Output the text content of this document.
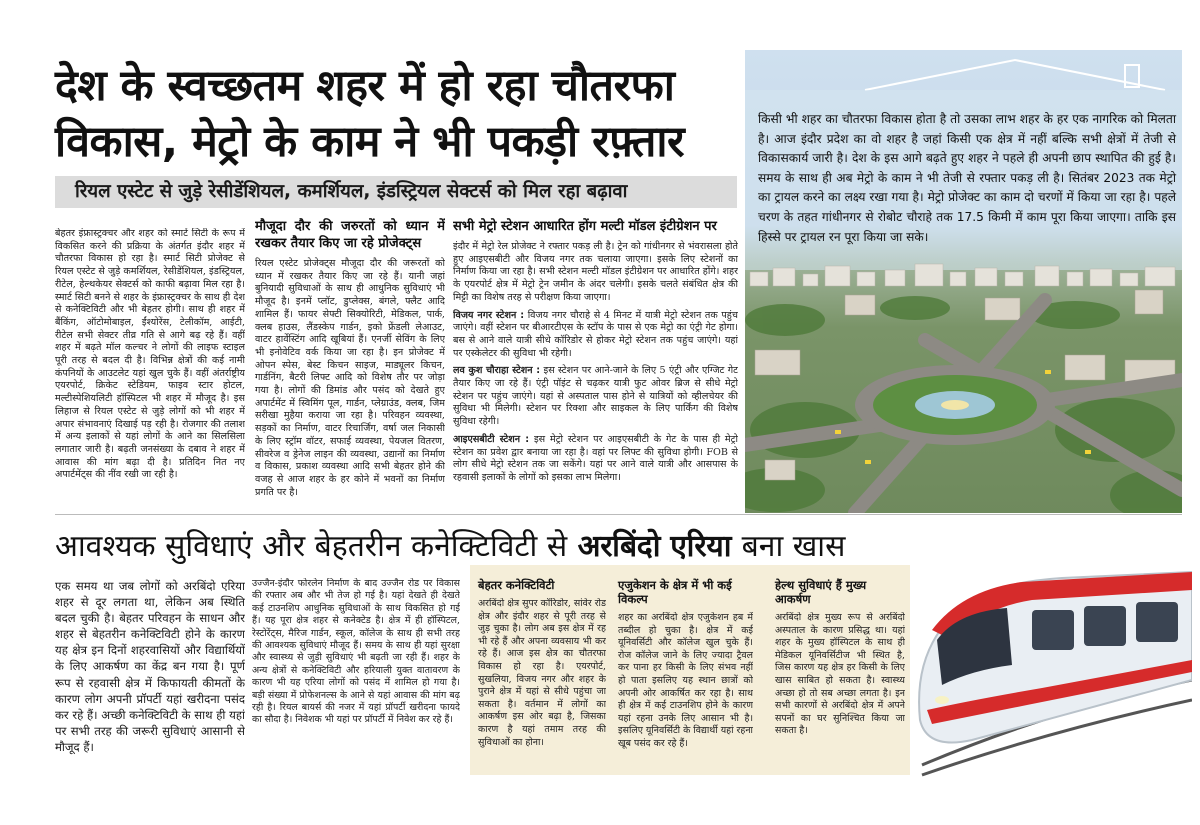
देश के स्वच्छतम शहर में हो रहा चौतरफा
विकास, मेट्रो के काम ने भी पकड़ी रफ़्तार
रियल एस्टेट से जुड़े रेसीडेंशियल, कमर्शियल, इंडस्ट्रियल सेक्टर्स को मिल रहा बढ़ावा

बेहतर इंफ्रास्ट्रक्चर और शहर को स्मार्ट सिटी के रूप में विकसित करने की प्रक्रिया के अंतर्गत इंदौर शहर में चौतरफा विकास हो रहा है। स्मार्ट सिटी प्रोजेक्ट से रियल एस्टेट से जुड़े कमर्शियल, रेसीडेंशियल, इंडस्ट्रियल, रीटेल, हेल्थकेयर सेक्टर्स को काफी बढ़ावा मिल रहा है। स्मार्ट सिटी बनने से शहर के इंफ्रास्ट्रक्चर के साथ ही देश से कनेक्टिविटी और भी बेहतर होगी। साथ ही शहर में बैंकिंग, ऑटोमोबाइल, ईंश्योरेंस, टेलीकॉम, आईटी, रीटेल सभी सेक्टर तीव्र गति से आगे बढ़ रहे हैं। वहीं शहर में बढ़ते मॉल कल्चर ने लोगों की लाइफ स्टाइल पूरी तरह से बदल दी है। विभिन्न क्षेत्रों की कई नामी कंपनियों के आउटलेट यहां खुल चुके हैं। वहीं अंतर्राष्ट्रीय एयरपोर्ट, क्रिकेट स्टेडियम, फाइव स्टार होटल, मल्टीस्पेशियलिटी हॉस्पिटल भी शहर में मौजूद है। इस लिहाज से रियल एस्टेट से जुड़े लोगों को भी शहर में अपार संभावनाएं दिखाई पड़ रही है। रोजगार की तलाश में अन्य इलाकों से यहां लोगों के आने का सिलसिला लगातार जारी है। बढ़ती जनसंख्या के दबाव ने शहर में आवास की मांग बढ़ा दी है। प्रतिदिन नित नए अपार्टमेंट्स की नींव रखी जा रही है।

मौजूदा दौर की जरुरतों को ध्यान में रखकर तैयार किए जा रहे प्रोजेक्ट्स

रियल एस्टेट प्रोजेक्ट्स मौजूदा दौर की जरूरतों को ध्यान में रखकर तैयार किए जा रहे हैं। यानी जहां बुनियादी सुविधाओं के साथ ही आधुनिक सुविधाएं भी मौजूद है। इनमें प्लॉट, डुप्लेक्स, बंगले, फ्लैट आदि शामिल हैं। फायर सेफ्टी सिक्योरिटी, मेडिकल, पार्क, क्लब हाउस, लैंडस्केप गार्डन, इको फ्रेंडली लेआउट, वाटर हार्वेस्टिंग आदि खूबियां हैं। एनर्जी सेविंग के लिए भी इनोवेटिव वर्क किया जा रहा है। इन प्रोजेक्ट में ओपन स्पेस, बेस्ट किचन साइज, माड्यूलर किचन, गार्डनिंग, बैटरी लिफ्ट आदि को विशेष तौर पर जोड़ा गया है। लोगों की डिमांड और पसंद को देखते हुए अपार्टमेंट में स्विमिंग पूल, गार्डन, प्लेग्राउंड, क्लब, जिम सरीखा मुहैया कराया जा रहा है। परिवहन व्यवस्था, सड़कों का निर्माण, वाटर रिचार्जिंग, वर्षा जल निकासी के लिए स्ट्रॉम वॉटर, सफाई व्यवस्था, पेयजल वितरण, सीवरेज व ड्रेनेज लाइन की व्यवस्था, उद्यानों का निर्माण व विकास, प्रकाश व्यवस्था आदि सभी बेहतर होने की वजह से आज शहर के हर कोने में भवनों का निर्माण प्रगति पर है।

सभी मेट्रो स्टेशन आधारित होंग मल्टी मॉडल इंटीग्रेशन पर

इंदौर में मेट्रो रेल प्रोजेक्ट ने रफ्तार पकड़ ली है। ट्रेन को गांधीनगर से भंवरासला होते हुए आइएसबीटी और विजय नगर तक चलाया जाएगा। इसके लिए स्टेशनों का निर्माण किया जा रहा है। सभी स्टेशन मल्टी मॉडल इंटीग्रेशन पर आधारित होंगे। शहर के एयरपोर्ट क्षेत्र में मेट्रो ट्रेन जमीन के अंदर चलेगी। इसके चलते संबंधित क्षेत्र की मिट्टी का विशेष तरह से परीक्षण किया जाएगा।

विजय नगर स्टेशन : विजय नगर चौराहे से 4 मिनट में यात्री मेट्रो स्टेशन तक पहुंच जाएंगे। वहीं स्टेशन पर बीआरटीएस के स्टॉप के पास से एक मेट्रो का एंट्री गेट होगा। बस से आने वाले यात्री सीधे कॉरिडोर से होकर मेट्रो स्टेशन तक पहुंच जाएंगे। यहां पर एस्केलेटर की सुविधा भी रहेगी।

लव कुश चौराहा स्टेशन : इस स्टेशन पर आने-जाने के लिए 5 एंट्री और एग्जिट गेट तैयार किए जा रहे हैं। एंट्री पॉइंट से चढ़कर यात्री फुट ओवर ब्रिज से सीधे मेट्रो स्टेशन पर पहुंच जाएंगे। यहां से अस्पताल पास होने से यात्रियों को व्हीलचेयर की सुविधा भी मिलेगी। स्टेशन पर रिक्शा और साइकल के लिए पार्किंग की विशेष सुविधा रहेगी।

आइएसबीटी स्टेशन : इस मेट्रो स्टेशन पर आइएसबीटी के गेट के पास ही मेट्रो स्टेशन का प्रवेश द्वार बनाया जा रहा है। वहां पर लिफ्ट की सुविधा होगी। FOB से लोग सीधे मेट्रो स्टेशन तक जा सकेंगे। यहां पर आने वाले यात्री और आसपास के रहवासी इलाकों के लोगों को इसका लाभ मिलेगा।

किसी भी शहर का चौतरफा विकास होता है तो उसका लाभ शहर के हर एक नागरिक को मिलता है। आज इंदौर प्रदेश का वो शहर है जहां किसी एक क्षेत्र में नहीं बल्कि सभी क्षेत्रों में तेजी से विकासकार्य जारी है। देश के इस आगे बढ़ते हुए शहर ने पहले ही अपनी छाप स्थापित की हुई है। समय के साथ ही अब मेट्रो के काम ने भी तेजी से रफ्तार पकड़ ली है। सितंबर 2023 तक मेट्रो का ट्रायल करने का लक्ष्य रखा गया है। मेट्रो प्रोजेक्ट का काम दो चरणों में किया जा रहा है। पहले चरण के तहत गांधीनगर से रोबोट चौराहे तक 17.5 किमी में काम पूरा किया जाएगा। ताकि इस हिस्से पर ट्रायल रन पूरा किया जा सके।
आवश्यक सुविधाएं और बेहतरीन कनेक्टिविटी से अरबिंदो एरिया बना खास
एक समय था जब लोगों को अरबिंदो एरिया शहर से दूर लगता था, लेकिन अब स्थिति बदल चुकी है। बेहतर परिवहन के साधन और शहर से बेहतरीन कनेक्टिविटी होने के कारण यह क्षेत्र इन दिनों शहरवासियों और विद्यार्थियों के लिए आकर्षण का केंद्र बन गया है। पूर्ण रूप से रहवासी क्षेत्र में किफायती कीमतों के कारण लोग अपनी प्रॉपर्टी यहां खरीदना पसंद कर रहे हैं। अच्छी कनेक्टिविटी के साथ ही यहां पर सभी तरह की जरूरी सुविधाएं आसानी से मौजूद हैं।

उज्जैन-इंदौर फोरलेन निर्माण के बाद उज्जैन रोड पर विकास की रफ्तार अब और भी तेज हो गई है। यहां देखते ही देखते कई टाउनशिप आधुनिक सुविधाओं के साथ विकसित हो गई हैं। यह पूरा क्षेत्र शहर से कनेक्टेड है। क्षेत्र में ही हॉस्पिटल, रेस्टोरेंट्स, मैरिज गार्डन, स्कूल, कॉलेज के साथ ही सभी तरह की आवश्यक सुविधाएं मौजूद हैं। समय के साथ ही यहां सुरक्षा और स्वास्थ्य से जुड़ी सुविधाएं भी बढ़ती जा रही हैं। शहर के अन्य क्षेत्रों से कनेक्टिविटी और हरियाली युक्त वातावरण के कारण भी यह एरिया लोगों को पसंद में शामिल हो गया है। बड़ी संख्या में प्रोफेशनल्स के आने से यहां आवास की मांग बढ़ रही है। रियल बायर्स की नजर में यहां प्रॉपर्टी खरीदना फायदे का सौदा है। निवेशक भी यहां पर प्रॉपर्टी में निवेश कर रहे हैं।

बेहतर कनेक्टिविटी
अरबिंदो क्षेत्र सुपर कॉरिडोर, सांवेर रोड क्षेत्र और इंदौर शहर से पूरी तरह से जुड़ चुका है। लोग अब इस क्षेत्र में रह भी रहे हैं और अपना व्यवसाय भी कर रहे हैं। आज इस क्षेत्र का चौतरफा विकास हो रहा है। एयरपोर्ट, सुखलिया, विजय नगर और शहर के पुराने क्षेत्र में यहां से सीधे पहुंचा जा सकता है। वर्तमान में लोगों का आकर्षण इस ओर बढ़ा है, जिसका कारण है यहां तमाम तरह की सुविधाओं का होना।
एजुकेशन के क्षेत्र में भी कई विकल्प
शहर का अरबिंदो क्षेत्र एजुकेशन हब में तब्दील हो चुका है। क्षेत्र में कई यूनिवर्सिटी और कॉलेज खुल चुके हैं। रोज कॉलेज जाने के लिए ज्यादा ट्रैवल कर पाना हर किसी के लिए संभव नहीं हो पाता इसलिए यह स्थान छात्रों को अपनी ओर आकर्षित कर रहा है। साथ ही क्षेत्र में कई टाउनशिप होने के कारण यहां रहना उनके लिए आसान भी है। इसलिए यूनिवर्सिटी के विद्यार्थी यहां रहना खूब पसंद कर रहे हैं।
हेल्थ सुविधाएं हैं मुख्य आकर्षण
अरबिंदो क्षेत्र मुख्य रूप से अरबिंदो अस्पताल के कारण प्रसिद्ध था। यहां शहर के मुख्य हॉस्पिटल के साथ ही मेडिकल यूनिवर्सिटीज भी स्थित है, जिस कारण यह क्षेत्र हर किसी के लिए खास साबित हो सकता है। स्वास्थ्य अच्छा हो तो सब अच्छा लगता है। इन सभी कारणों से अरबिंदो क्षेत्र में अपने सपनों का घर सुनिश्चित किया जा सकता है।
